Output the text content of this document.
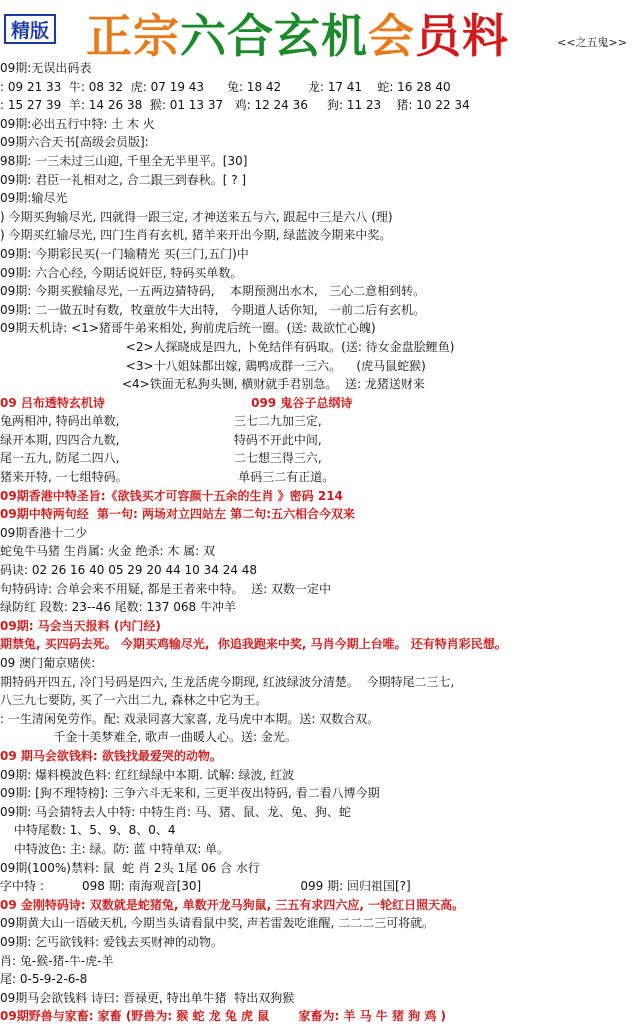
精版 正宗六合玄机会员料	<<之五鬼>>
09期:无误出码表
: 09 21 33  牛: 08 32  虎: 07 19 43      兔: 18 42       龙: 17 41    蛇: 16 28 40
: 15 27 39  羊: 14 26 38  猴: 01 13 37   鸡: 12 24 36     狗: 11 23    猪: 10 22 34
09期:必出五行中特: 土 木 火
09期六合天书[高级会员版]:
98期: 一三未过三山迎, 千里全无半里平。[30]
09期: 君臣一礼相对之, 合二跟三到春秋。[ ? ]
09期:输尽光
) 今期买狗输尽光, 四就得一跟三定, 才神送来五与六, 跟起中三是六八 (理)
) 今期买红输尽光, 四门生肖有玄机, 猪羊来开出今期, 绿蓝波今期来中奖。
09期: 今期彩民买(一门输精光 买(三门,五门)中
09期: 六合心经, 今期话说奸臣, 特码买单数。
09期: 今期买猴输尽光, 一五两边猜特码,    本期预测出水木,   三心二意相到转。
09期: 二一做五时有数,  牧童放牛大出特,   今期道人话你知,   一前二后有玄机。
09期天机诗: <1>猪哥牛弟来相处, 狗前虎后统一圈。(送: 裁欲忙心魄)
<2>人探晓成是四九, 卜免结伴有码取。(送: 待女金盘脍鲤鱼)
<3>十八姐妹都出嫁, 鶏鸭成群一三六。    (虎马鼠蛇猴)
<4>铁面无私狗头铡, 横财就手君别急。  送: 龙猪送财来
09 吕布透特玄机诗                                   099 鬼谷子总纲诗
兔两相冲, 特码出单数,                              三七二九加三定,
绿开本期, 四四合九数,                              特码不开此中间,
尾一五九, 防尾二四八,                              二七想三得三六,
猪来开特, 一七组特码。                             单码三二有正道。
09期香港中特圣旨:《欲钱买才可容颜十五余的生肖 》密码 214
09期中特两句经  第一句: 两场对立四站左 第二句:五六相合今双来
09期香港十二少
蛇兔牛马猪 生肖属: 火金 绝杀: 木 属: 双
码诀: 02 26 16 40 05 29 20 44 10 34 24 48
句特码诗: 合单会来不用疑, 都是王者来中特。  送: 双数一定中
绿防红 段数: 23--46 尾数: 137 068 牛冲羊
09期: 马会当天报料 (内门经)
期禁兔, 买四码去死。 今期买鸡输尽光,  你追我跑来中奖, 马肖今期上台唯。 还有特肖彩民想。
09 澳门葡京赌侠:
期特码开四五, 冷门号码是四六, 生龙活虎今期现, 红波绿波分清楚。  今期特尾二三七,
八三九七要防, 买了一六出二九, 森林之中它为王。
: 一生清闲免劳作。配: 戏录同喜大家喜, 龙马虎中本期。送: 双数合双。
千金十美梦难全, 歌声一曲暖人心。送: 金光。
09 期马会欲钱料: 欲钱找最爱哭的动物。
09期: 爆料模波色料: 红红绿绿中本期. 试解: 绿波, 红波
09期: [狗不理特榜]: 三争六斗无来和, 三更半夜出特码, 看二看八博今期
09期: 马会猜特去人中特: 中特生肖: 马、猪、鼠、龙、兔、狗、蛇
中特尾数: 1、5、9、8、0、4
中特波色: 主: 绿。防: 蓝 中特单双: 单。
09期(100%)禁料: 鼠  蛇 肖 2头 1尾 06 合 水行
字中特 :          098 期: 南海观音[30]                          099 期: 回归祖国[?]
09 金刚特码诗: 双数就是蛇猪兔, 单数开龙马狗鼠, 三五有求四六应, 一轮红日照天高。
09期黄大山一语破天机, 今期当头请看鼠中奖, 声若雷轰吃谁醒, 二二二三可将就。
09期: 乞丐欲钱料: 爱钱去买财神的动物。
肖: 兔-猴-猪-牛-虎-羊
尾: 0-5-9-2-6-8
09期马会欲钱料 诗曰: 晋禄更, 特出单牛猪  特出双狗猴
09期野兽与家畜: 家畜 (野兽为: 猴 蛇 龙 兔 虎 鼠       家畜为: 羊 马 牛 猪 狗 鸡 )
